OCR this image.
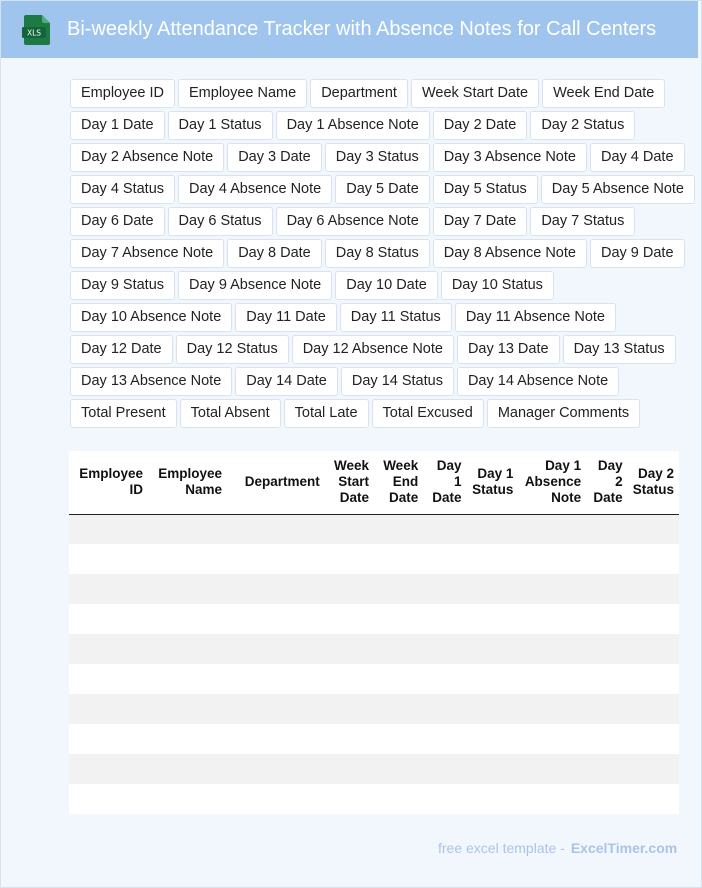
XLS Bi-weekly Attendance Tracker with Absence Notes for Call Centers
Employee ID	Employee Name	Department	Week Start Date	Week End Date
Day 1 Date	Day 1 Status	Day 1 Absence Note	Day 2 Date	Day 2 Status
Day 2 Absence Note	Day 3 Date	Day 3 Status	Day 3 Absence Note	Day 4 Date
Day 4 Status	Day 4 Absence Note	Day 5 Date	Day 5 Status	Day 5 Absence Note
Day 6 Date	Day 6 Status	Day 6 Absence Note	Day 7 Date	Day 7 Status
Day 7 Absence Note	Day 8 Date	Day 8 Status	Day 8 Absence Note	Day 9 Date
Day 9 Status	Day 9 Absence Note	Day 10 Date	Day 10 Status
Day 10 Absence Note	Day 11 Date	Day 11 Status	Day 11 Absence Note
Day 12 Date	Day 12 Status	Day 12 Absence Note	Day 13 Date	Day 13 Status
Day 13 Absence Note	Day 14 Date	Day 14 Status	Day 14 Absence Note
Total Present	Total Absent	Total Late	Total Excused	Manager Comments
Employee ID	Employee Name	Department	Week Start Date	Week End Date	Day 1 Date	Day 1 Status	Day 1 Absence Note	Day 2 Date	Day 2 Status

free excel template - ExcelTimer.com
